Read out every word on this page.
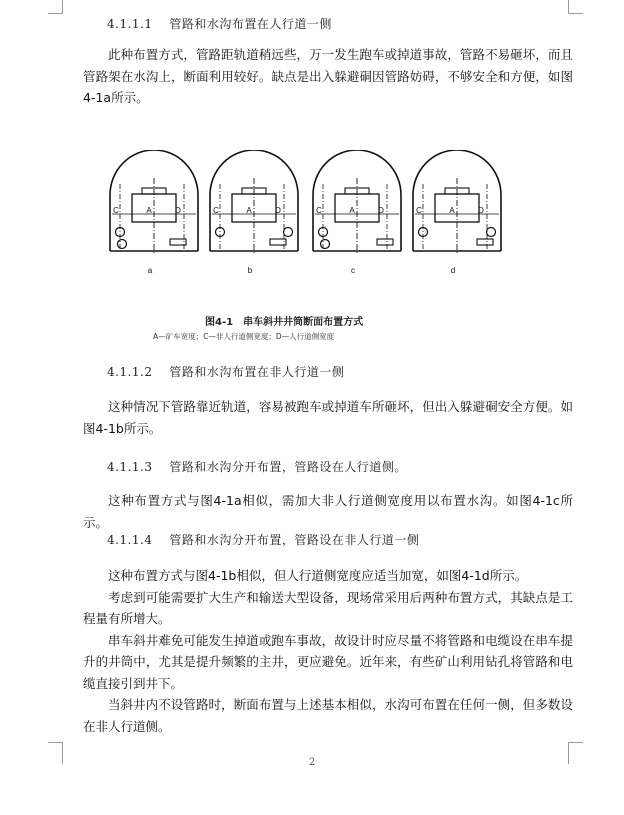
4.1.1.1　 管路和水沟布置在人行道一侧

此种布置方式，管路距轨道稍远些，万一发生跑车或掉道事故，管路不易砸坏，而且管路架在水沟上，断面利用较好。缺点是出入躲避硐因管路妨碍，不够安全和方便，如图4-1a所示。

C	A	D
a
C	A	D
b
C	A	D
c
C	A	D
d
图4-1　串车斜井井筒断面布置方式
A—矿车宽度；C—非人行道侧宽度；D—人行道侧宽度
4.1.1.2　 管路和水沟布置在非人行道一侧

这种情况下管路靠近轨道，容易被跑车或掉道车所砸坏，但出入躲避硐安全方便。如图4-1b所示。

4.1.1.3　 管路和水沟分开布置，管路设在人行道侧。

这种布置方式与图4-1a相似，需加大非人行道侧宽度用以布置水沟。如图4-1c所示。

4.1.1.4　 管路和水沟分开布置，管路设在非人行道一侧

这种布置方式与图4-1b相似，但人行道侧宽度应适当加宽，如图4-1d所示。

考虑到可能需要扩大生产和输送大型设备，现场常采用后两种布置方式，其缺点是工程量有所增大。

串车斜井难免可能发生掉道或跑车事故，故设计时应尽量不将管路和电缆设在串车提升的井筒中，尤其是提升频繁的主井，更应避免。近年来，有些矿山利用钻孔将管路和电缆直接引到井下。

当斜井内不设管路时，断面布置与上述基本相似，水沟可布置在任何一侧，但多数设在非人行道侧。

2
